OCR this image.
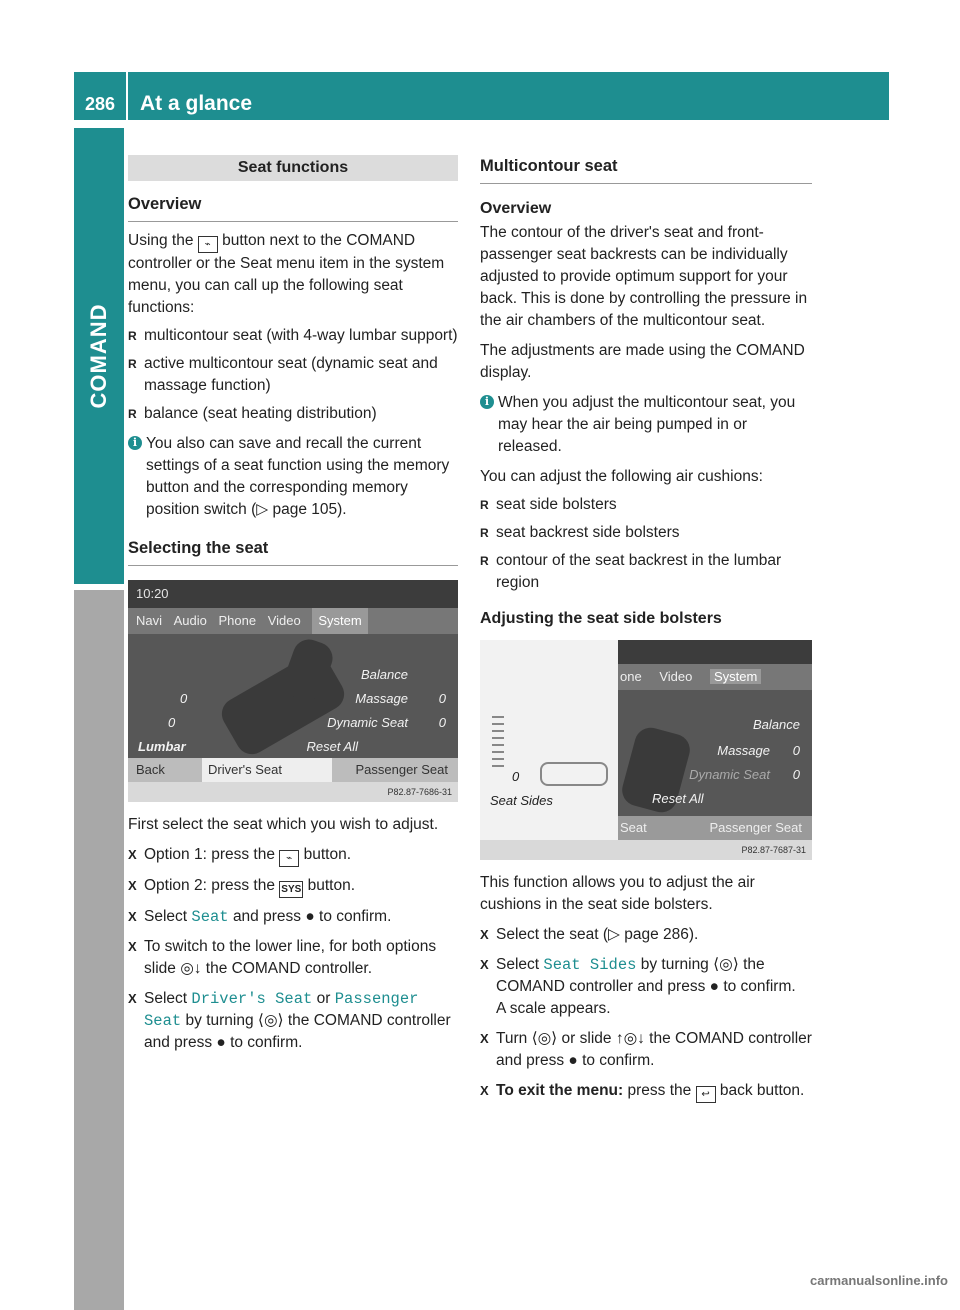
286	At a glance
COMAND
Seat functions
Overview

Using the ⌁ button next to the COMAND controller or the Seat menu item in the system menu, you can call up the following seat functions:

R multicontour seat (with 4-way lumbar support)
R active multicontour seat (dynamic seat and massage function)
R balance (seat heating distribution)
i You also can save and recall the current settings of a seat function using the memory button and the corresponding memory position switch (▷ page 105).
Selecting the seat
10:20
Navi Audio Phone Video System
Balance
Massage 0
Dynamic Seat 0
Reset All
0
0
Lumbar
Back	Driver's Seat	Passenger Seat
P82.87-7686-31

First select the seat which you wish to adjust.

X Option 1: press the ⌁ button.
X Option 2: press the SYS button.
X Select Seat and press ● to confirm.
X To switch to the lower line, for both options slide ◎↓ the COMAND controller.
X Select Driver's Seat or Passenger Seat by turning ⟨◎⟩ the COMAND controller and press ● to confirm.
Multicontour seat
Overview

The contour of the driver's seat and front-passenger seat backrests can be individually adjusted to provide optimum support for your back. This is done by controlling the pressure in the air chambers of the multicontour seat.

The adjustments are made using the COMAND display.

i When you adjust the multicontour seat, you may hear the air being pumped in or released.

You can adjust the following air cushions:

R seat side bolsters
R seat backrest side bolsters
R contour of the seat backrest in the lumbar region
Adjusting the seat side bolsters
0
Seat Sides
one Video System
Balance
Massage 0
Dynamic Seat 0
Reset All
Seat	Passenger Seat
P82.87-7687-31

This function allows you to adjust the air cushions in the seat side bolsters.

X Select the seat (▷ page 286).
X Select Seat Sides by turning ⟨◎⟩ the COMAND controller and press ● to confirm.
A scale appears.
X Turn ⟨◎⟩ or slide ↑◎↓ the COMAND controller and press ● to confirm.
X To exit the menu: press the ↩ back button.
carmanualsonline.info
